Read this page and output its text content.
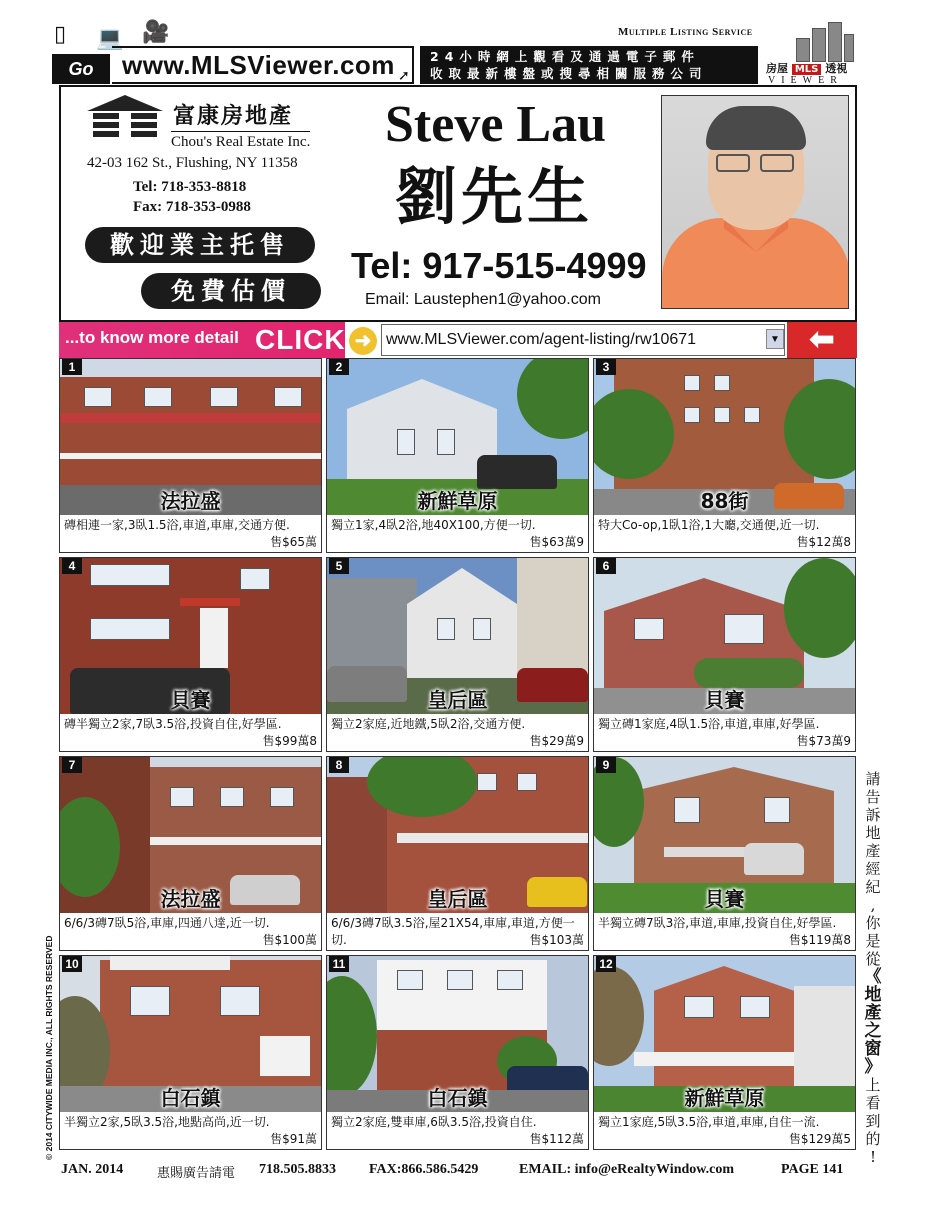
▯ 💻 🎥
Go	www.MLSViewer.com ➚
24小時網上觀看及通過電子郵件
收取最新樓盤或搜尋相關服務公司
Multiple Listing Service
房屋 MLS 透視
VIEWER
富康房地產
Chou's Real Estate Inc.
42-03 162 St., Flushing, NY 11358
Tel: 718-353-8818
Fax: 718-353-0988
歡迎業主托售
免費估價
Steve Lau
劉先生
Tel: 917-515-4999
Email: Laustephen1@yahoo.com
...to know more detail CLICK ➜ www.MLSViewer.com/agent-listing/rw10671	▼ ⬅
1
法拉盛
磚相連一家,3臥1.5浴,車道,車庫,交通方便.
售$65萬
2
新鮮草原
獨立1家,4臥2浴,地40X100,方便一切.
售$63萬9
3
88街
特大Co-op,1臥1浴,1大廳,交通便,近一切.
售$12萬8
4
貝賽
磚半獨立2家,7臥3.5浴,投資自住,好學區.
售$99萬8
5
皇后區
獨立2家庭,近地鐵,5臥2浴,交通方便.
售$29萬9
6
貝賽
獨立磚1家庭,4臥1.5浴,車道,車庫,好學區.
售$73萬9
7
法拉盛
6/6/3磚7臥5浴,車庫,四通八達,近一切.
售$100萬
8
皇后區
6/6/3磚7臥3.5浴,屋21X54,車庫,車道,方便一切.	售$103萬
9
貝賽
半獨立磚7臥3浴,車道,車庫,投資自住,好學區.
售$119萬8
10
白石鎮
半獨立2家,5臥3.5浴,地點高尚,近一切.
售$91萬
11
白石鎮
獨立2家庭,雙車庫,6臥3.5浴,投資自住.
售$112萬
12
新鮮草原
獨立1家庭,5臥3.5浴,車道,車庫,自住一流.
售$129萬5
© 2014 CITYWIDE MEDIA INC., ALL RIGHTS RESERVED
請
告
訴
地
產
經
紀
,
你
是
從
《
地
產
之
窗
》
上
看
到
的
!
JAN. 2014	惠賜廣告請電 718.505.8833 FAX:866.586.5429	EMAIL: info@eRealtyWindow.com	PAGE 141
